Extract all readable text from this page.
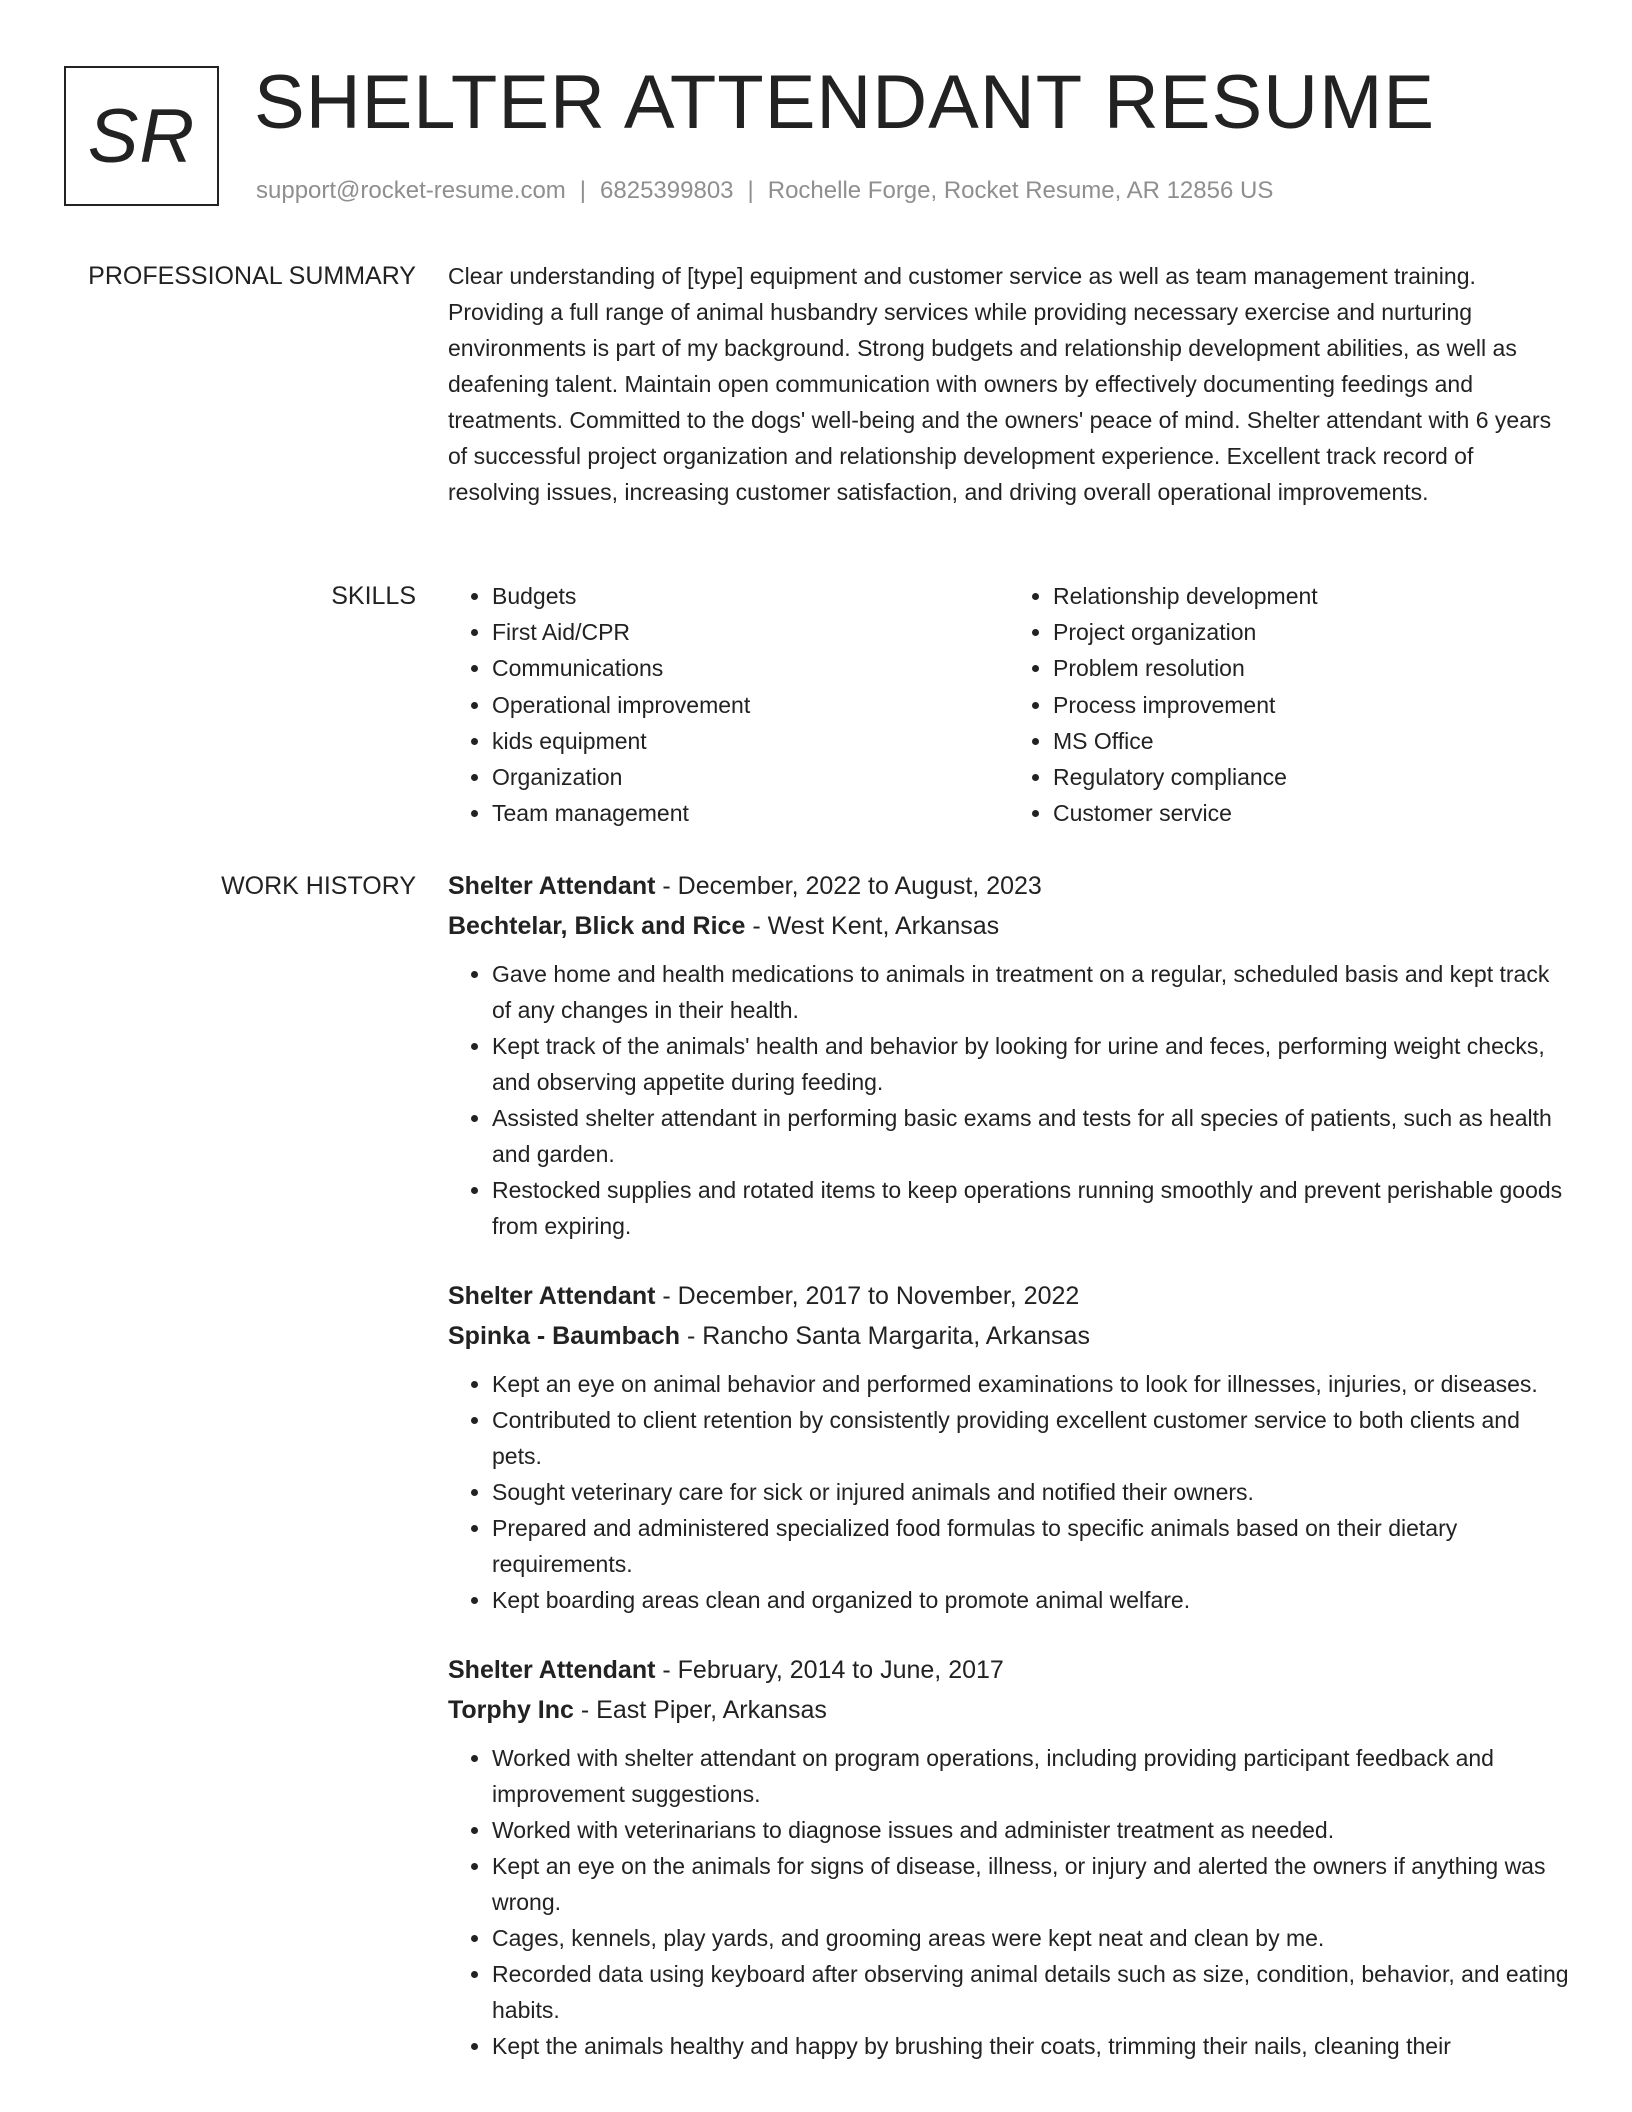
SR SHELTER ATTENDANT RESUME
support@rocket-resume.com | 6825399803 | Rochelle Forge, Rocket Resume, AR 12856 US
PROFESSIONAL SUMMARY Clear understanding of [type] equipment and customer service as well as team management training. Providing a full range of animal husbandry services while providing necessary exercise and nurturing environments is part of my background. Strong budgets and relationship development abilities, as well as deafening talent. Maintain open communication with owners by effectively documenting feedings and treatments. Committed to the dogs' well-being and the owners' peace of mind. Shelter attendant with 6 years of successful project organization and relationship development experience. Excellent track record of resolving issues, increasing customer satisfaction, and driving overall operational improvements.

SKILLS
•	Budgets
• First Aid/CPR
• Communications
• Operational improvement
• kids equipment
• Organization
• Team management
• Relationship development
• Project organization
• Problem resolution
• Process improvement
• MS Office
• Regulatory compliance
• Customer service
WORK HISTORY Shelter Attendant - December, 2022 to August, 2023
Bechtelar, Blick and Rice - West Kent, Arkansas
• Gave home and health medications to animals in treatment on a regular, scheduled basis and kept track of any changes in their health.
• Kept track of the animals' health and behavior by looking for urine and feces, performing weight checks, and observing appetite during feeding.
• Assisted shelter attendant in performing basic exams and tests for all species of patients, such as health and garden.
• Restocked supplies and rotated items to keep operations running smoothly and prevent perishable goods from expiring.
Shelter Attendant - December, 2017 to November, 2022
Spinka - Baumbach - Rancho Santa Margarita, Arkansas
• Kept an eye on animal behavior and performed examinations to look for illnesses, injuries, or diseases.
• Contributed to client retention by consistently providing excellent customer service to both clients and pets.
• Sought veterinary care for sick or injured animals and notified their owners.
• Prepared and administered specialized food formulas to specific animals based on their dietary requirements.
• Kept boarding areas clean and organized to promote animal welfare.
Shelter Attendant - February, 2014 to June, 2017
Torphy Inc - East Piper, Arkansas
• Worked with shelter attendant on program operations, including providing participant feedback and improvement suggestions.
• Worked with veterinarians to diagnose issues and administer treatment as needed.
• Kept an eye on the animals for signs of disease, illness, or injury and alerted the owners if anything was wrong.
• Cages, kennels, play yards, and grooming areas were kept neat and clean by me.
• Recorded data using keyboard after observing animal details such as size, condition, behavior, and eating habits.
• Kept the animals healthy and happy by brushing their coats, trimming their nails, cleaning their
